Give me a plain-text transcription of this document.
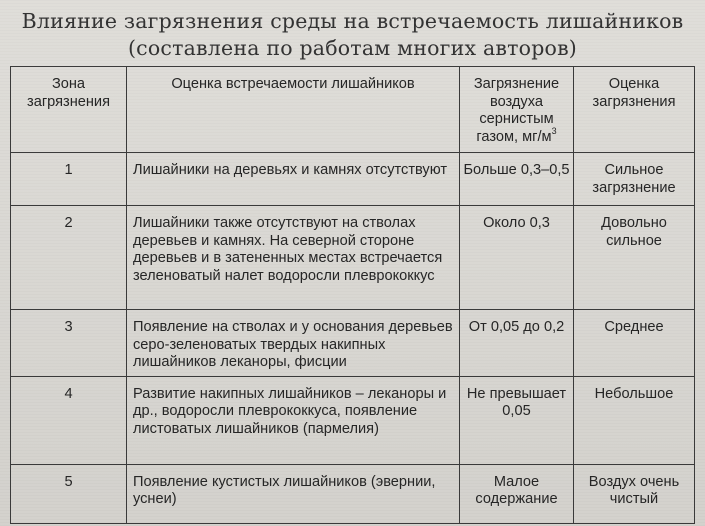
Влияние загрязнения среды на встречаемость лишайников
(составлена по работам многих авторов)
Зона загрязнения	Оценка встречаемости лишайников	Загрязнение воздуха сернистым газом, $мг/м^3$	Оценка загрязнения

1	Лишайники на деревьях и камнях отсутствуют	Больше 0,3–0,5	Сильное загрязнение

2	Лишайники также отсутствуют на стволах деревьев и камнях. На северной стороне деревьев и в затененных местах встречается зеленоватый налет водоросли плеврококкус	Около 0,3	Довольно сильное

3	Появление на стволах и у основания деревьев серо-зеленоватых твердых накипных лишайников леканоры, фисции	От 0,05 до 0,2	Среднее

4	Развитие накипных лишайников – леканоры и др., водоросли плеврококкуса, появление листоватых лишайников (пармелия)	Не превышает 0,05	Небольшое

5	Появление кустистых лишайников (эвернии, уснеи)	Малое содержание	Воздух очень чистый
